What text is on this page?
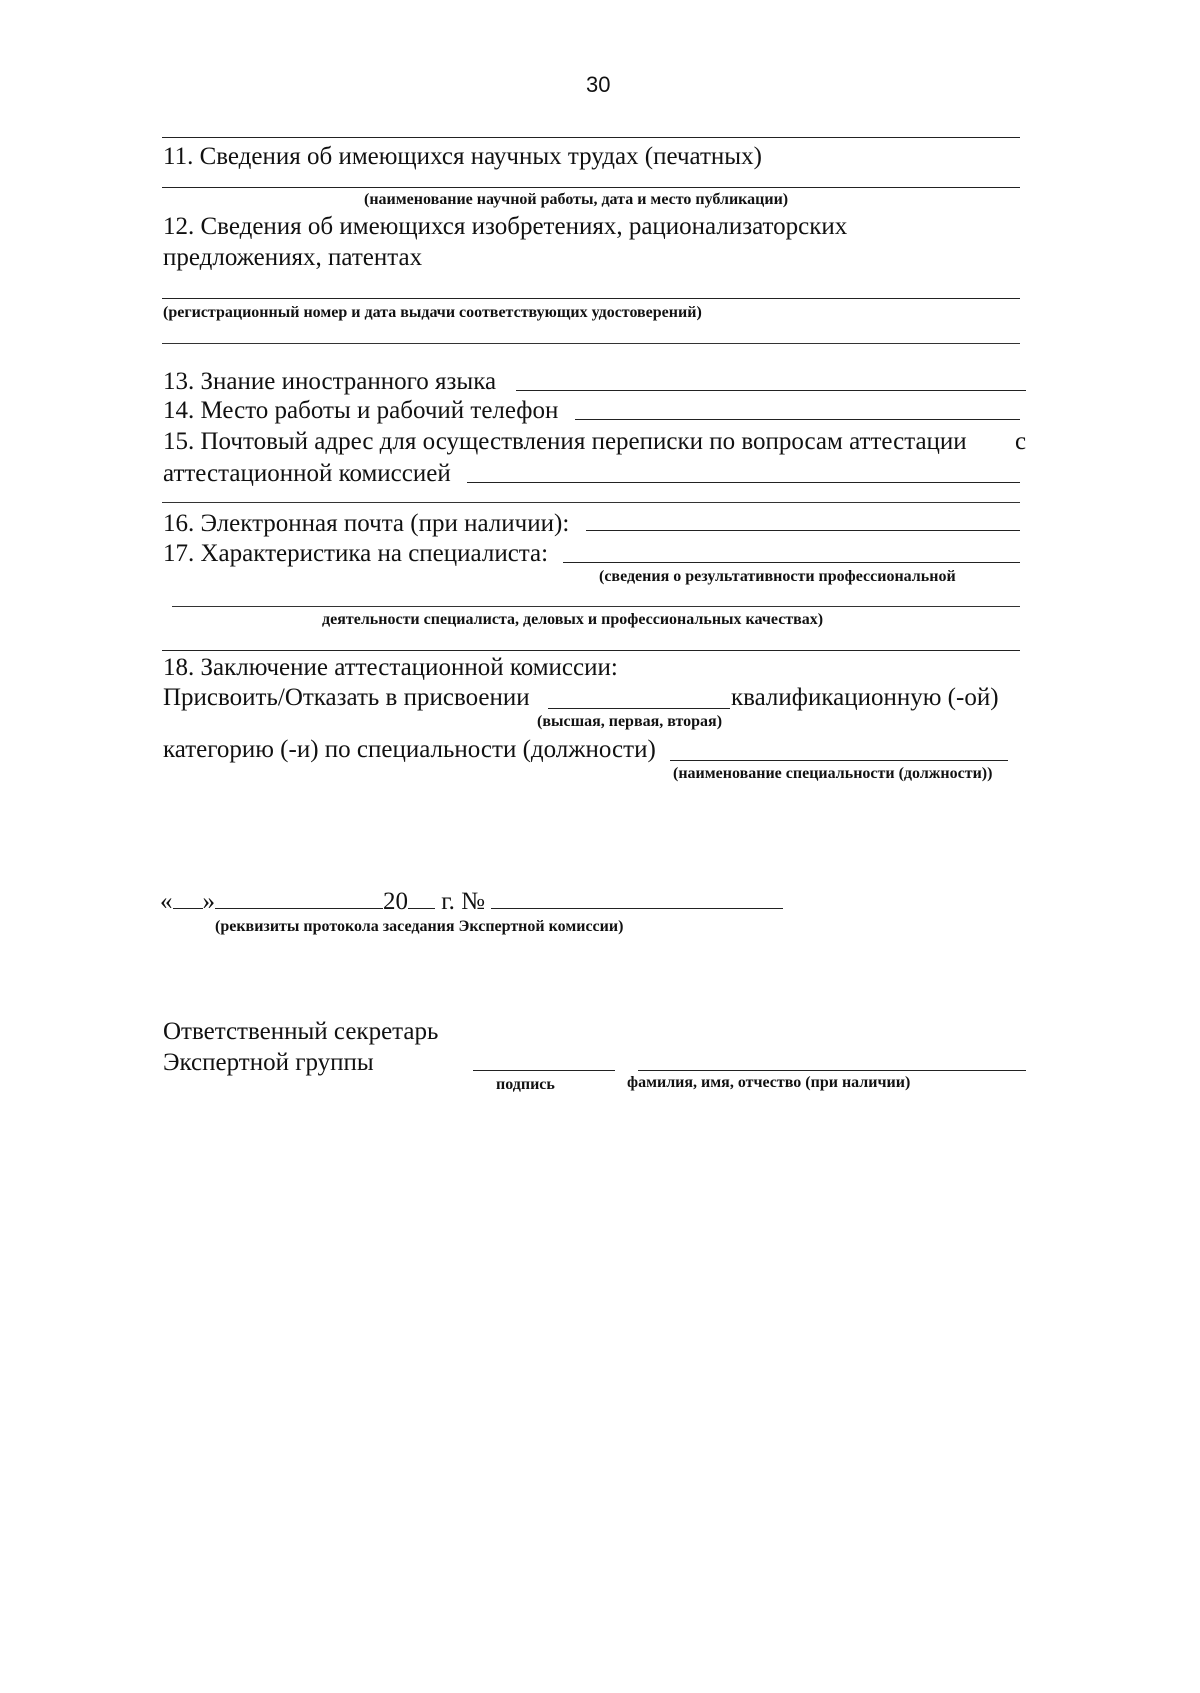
30
11. Сведения об имеющихся научных трудах (печатных)
(наименование научной работы, дата и место публикации)
12. Сведения об имеющихся изобретениях, рационализаторских
предложениях, патентах
(регистрационный номер и дата выдачи соответствующих удостоверений)
13. Знание иностранного языка
14. Место работы и рабочий телефон
15. Почтовый адрес для осуществления переписки по вопросам аттестации с
аттестационной комиссией
16. Электронная почта (при наличии):
17. Характеристика на специалиста:
(сведения о результативности профессиональной
деятельности специалиста, деловых и профессиональных качествах)
18. Заключение аттестационной комиссии:
Присвоить/Отказать в присвоении	квалификационную (-ой)
(высшая, первая, вторая)
категорию (-и) по специальности (должности)
(наименование специальности (должности))
« »	20 г. №
(реквизиты протокола заседания Экспертной комиссии)
Ответственный секретарь
Экспертной группы
подпись	фамилия, имя, отчество (при наличии)
